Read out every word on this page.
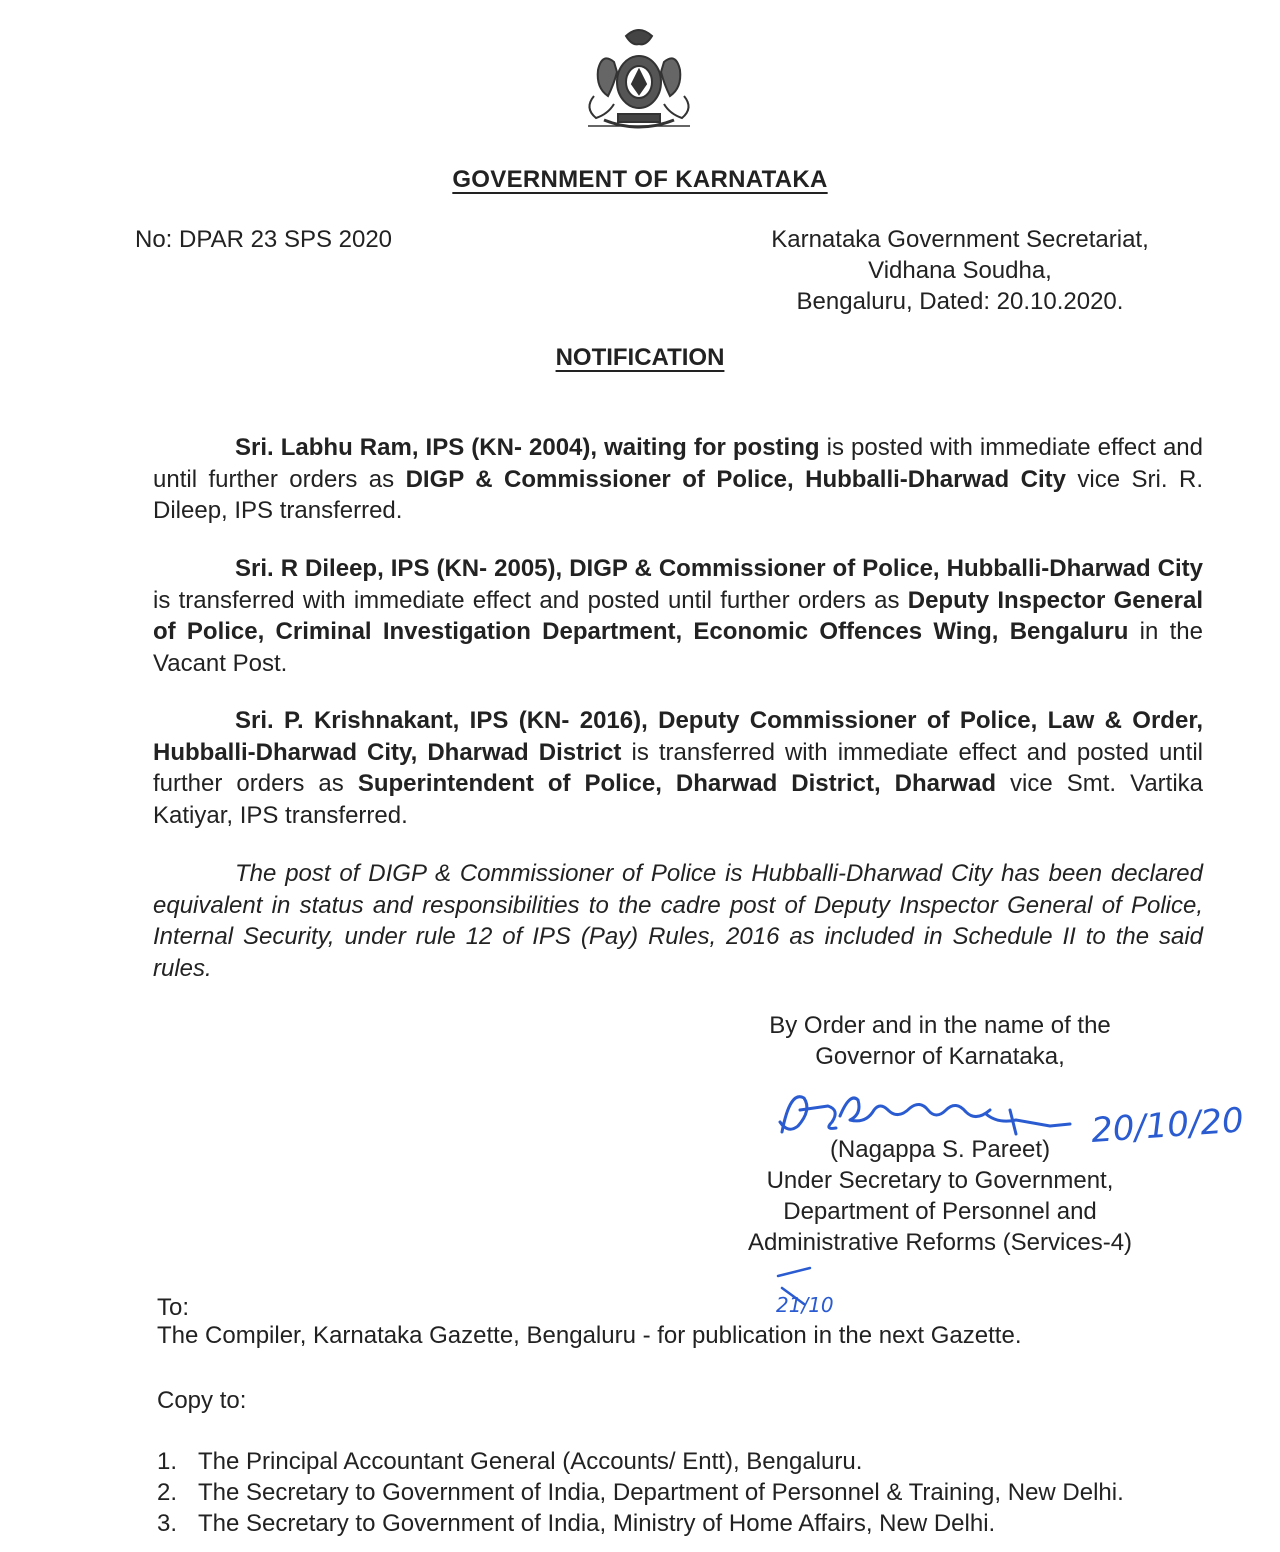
GOVERNMENT OF KARNATAKA
No: DPAR 23 SPS 2020	Karnataka Government Secretariat,
Vidhana Soudha,
Bengaluru, Dated: 20.10.2020.
NOTIFICATION

Sri. Labhu Ram, IPS (KN- 2004), waiting for posting is posted with immediate effect and until further orders as DIGP & Commissioner of Police, Hubballi-Dharwad City vice Sri. R. Dileep, IPS transferred.

Sri. R Dileep, IPS (KN- 2005), DIGP & Commissioner of Police, Hubballi-Dharwad City is transferred with immediate effect and posted until further orders as Deputy Inspector General of Police, Criminal Investigation Department, Economic Offences Wing, Bengaluru in the Vacant Post.

Sri. P. Krishnakant, IPS (KN- 2016), Deputy Commissioner of Police, Law & Order, Hubballi-Dharwad City, Dharwad District is transferred with immediate effect and posted until further orders as Superintendent of Police, Dharwad District, Dharwad vice Smt. Vartika Katiyar, IPS transferred.

The post of DIGP & Commissioner of Police is Hubballi-Dharwad City has been declared equivalent in status and responsibilities to the cadre post of Deputy Inspector General of Police, Internal Security, under rule 12 of IPS (Pay) Rules, 2016 as included in Schedule II to the said rules.

By Order and in the name of the
Governor of Karnataka,
20/10/20
(Nagappa S. Pareet)
Under Secretary to Government,
Department of Personnel and
Administrative Reforms (Services-4)
21/10
To:
The Compiler, Karnataka Gazette, Bengaluru - for publication in the next Gazette.
Copy to:
1. The Principal Accountant General (Accounts/ Entt), Bengaluru.
2. The Secretary to Government of India, Department of Personnel & Training, New Delhi.
3. The Secretary to Government of India, Ministry of Home Affairs, New Delhi.
